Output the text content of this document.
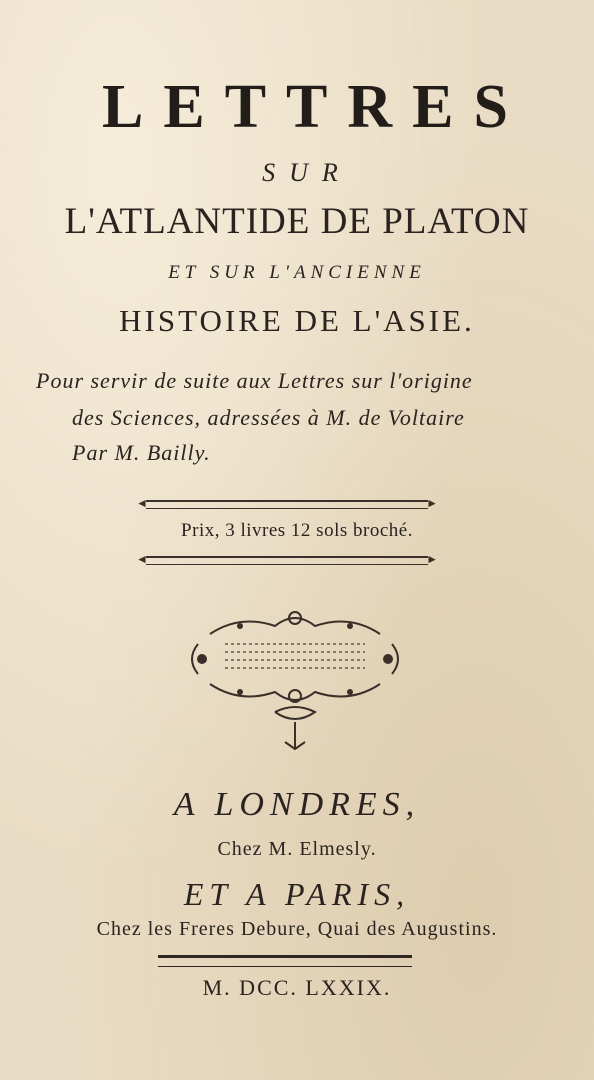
LETTRES
SUR
L'ATLANTIDE DE PLATON
ET SUR L'ANCIENNE
HISTOIRE DE L'ASIE.
Pour servir de suite aux Lettres sur l'origine
des Sciences, adressées à M. de Voltaire
Par M. Bailly.
◄	►
Prix, 3 livres 12 sols broché.
◄	►
A LONDRES,
Chez M. Elmesly.
ET A PARIS,
Chez les Freres Debure, Quai des Augustins.
M. DCC. LXXIX.
